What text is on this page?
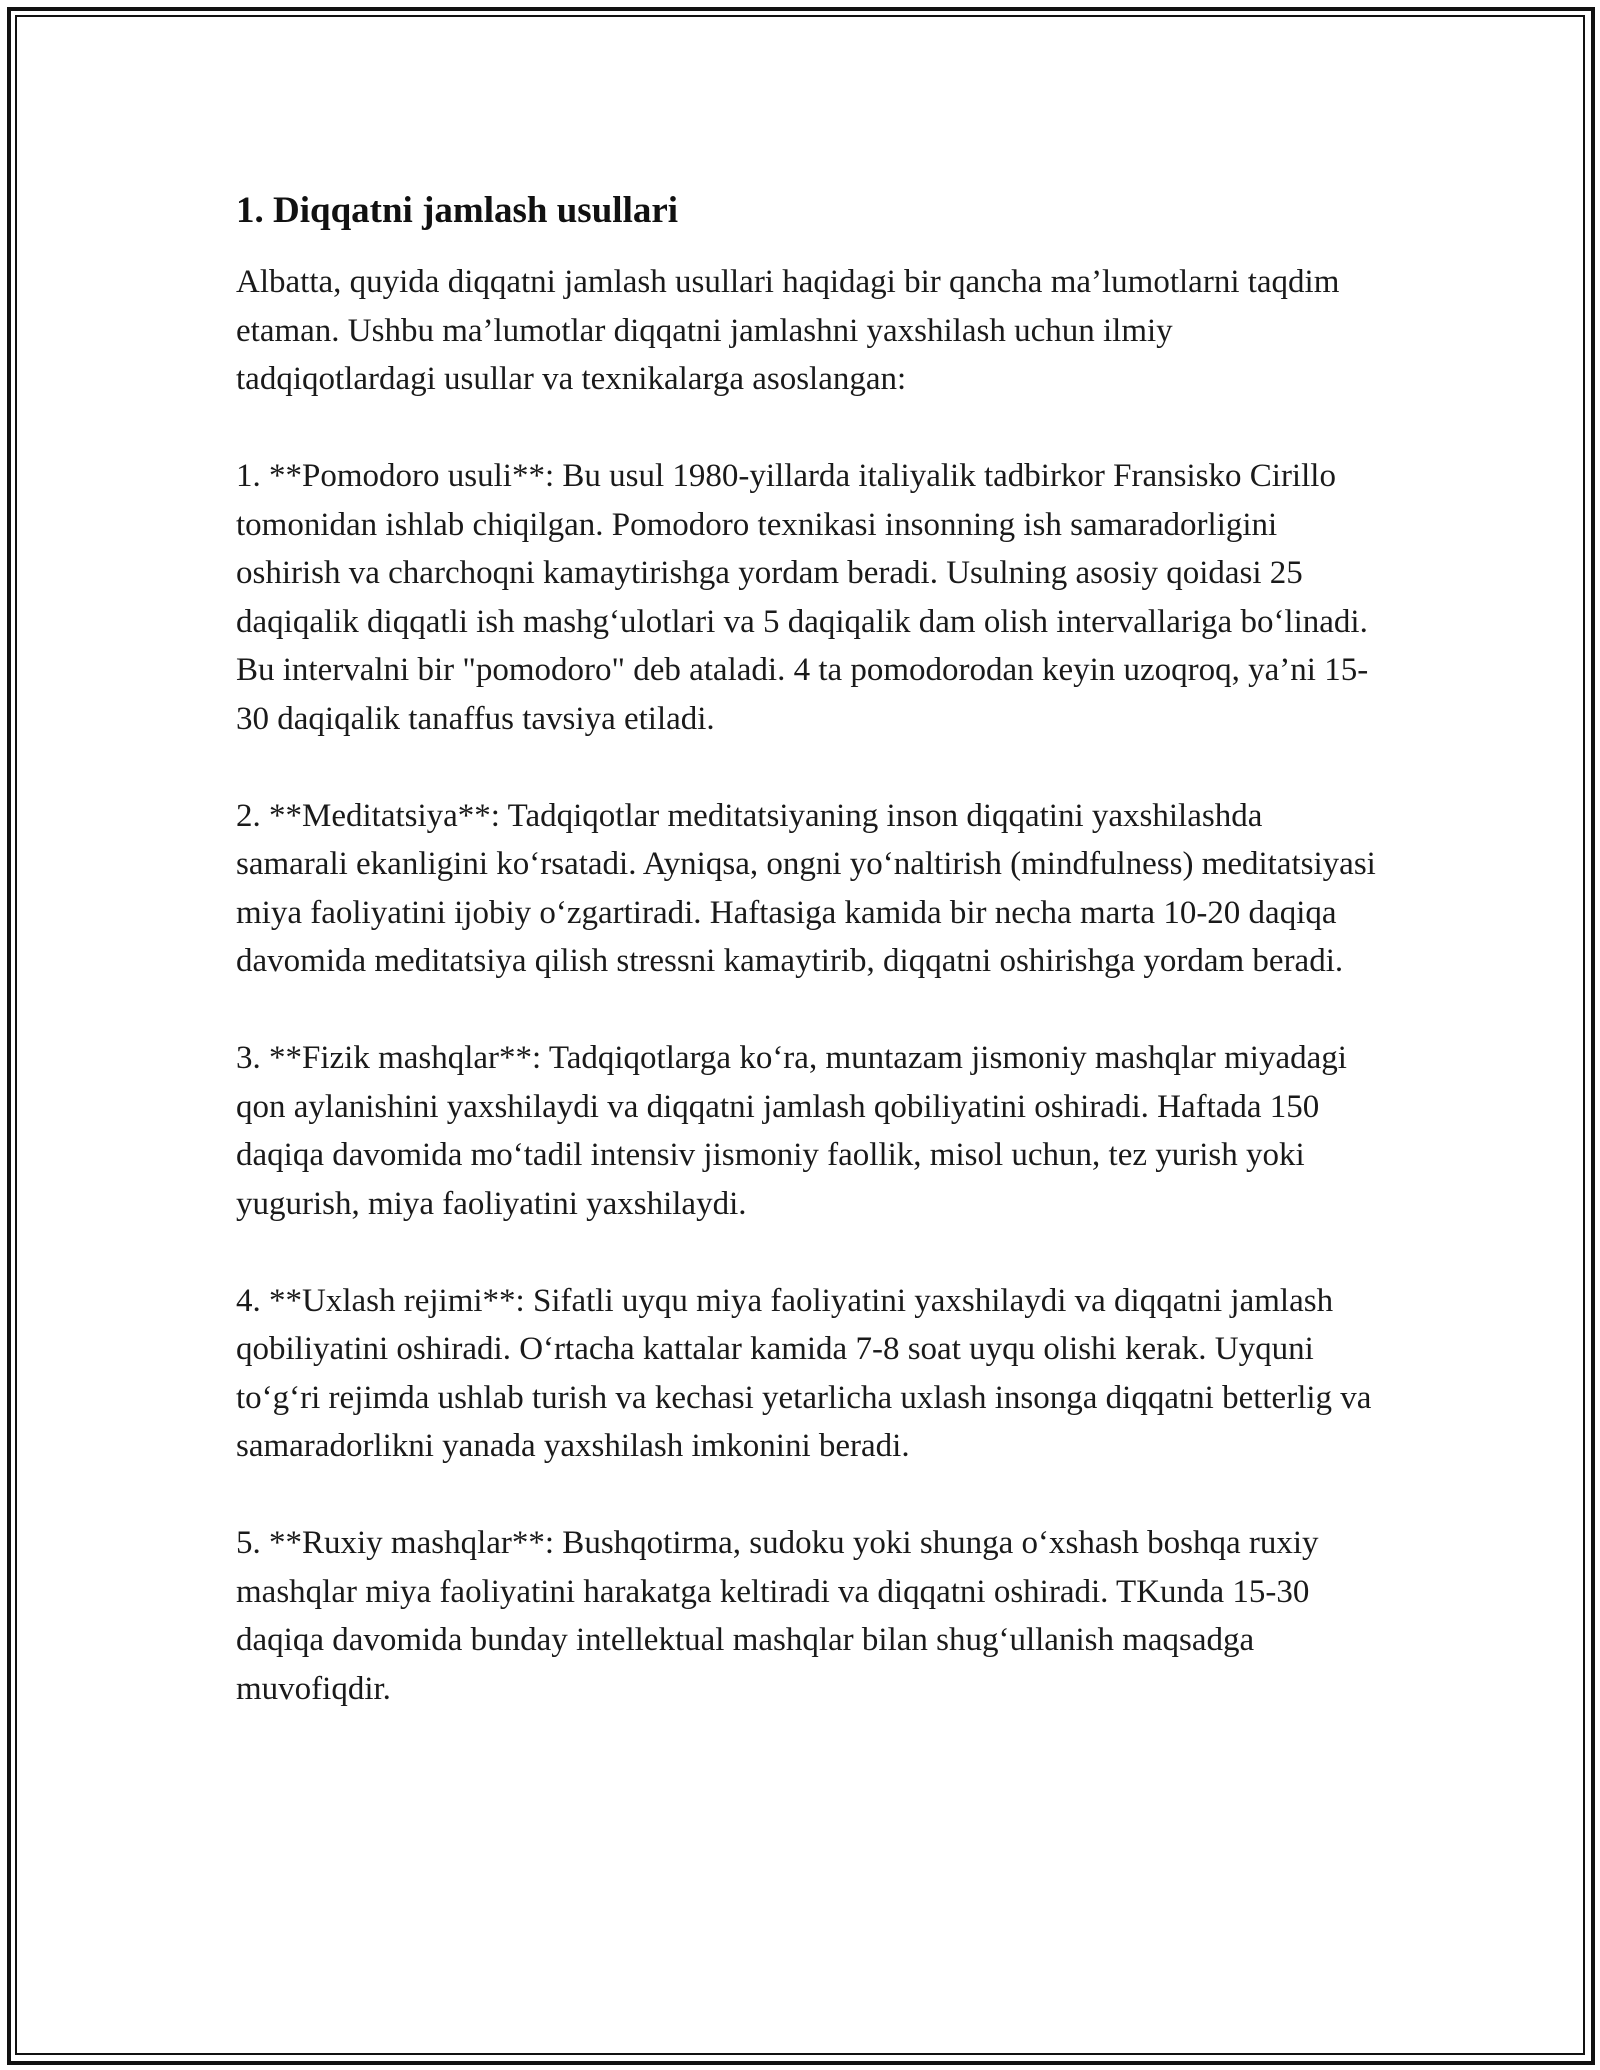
1. Diqqatni jamlash usullari

Albatta, quyida diqqatni jamlash usullari haqidagi bir qancha ma’lumotlarni taqdim etaman. Ushbu ma’lumotlar diqqatni jamlashni yaxshilash uchun ilmiy tadqiqotlardagi usullar va texnikalarga asoslangan:

1. **Pomodoro usuli**: Bu usul 1980-yillarda italiyalik tadbirkor Fransisko Cirillo tomonidan ishlab chiqilgan. Pomodoro texnikasi insonning ish samaradorligini oshirish va charchoqni kamaytirishga yordam beradi. Usulning asosiy qoidasi 25 daqiqalik diqqatli ish mashg‘ulotlari va 5 daqiqalik dam olish intervallariga bo‘linadi. Bu intervalni bir "pomodoro" deb ataladi. 4 ta pomodorodan keyin uzoqroq, ya’ni 15-30 daqiqalik tanaffus tavsiya etiladi.

2. **Meditatsiya**: Tadqiqotlar meditatsiyaning inson diqqatini yaxshilashda samarali ekanligini ko‘rsatadi. Ayniqsa, ongni yo‘naltirish (mindfulness) meditatsiyasi miya faoliyatini ijobiy o‘zgartiradi. Haftasiga kamida bir necha marta 10-20 daqiqa davomida meditatsiya qilish stressni kamaytirib, diqqatni oshirishga yordam beradi.

3. **Fizik mashqlar**: Tadqiqotlarga ko‘ra, muntazam jismoniy mashqlar miyadagi qon aylanishini yaxshilaydi va diqqatni jamlash qobiliyatini oshiradi. Haftada 150 daqiqa davomida mo‘tadil intensiv jismoniy faollik, misol uchun, tez yurish yoki yugurish, miya faoliyatini yaxshilaydi.

4. **Uxlash rejimi**: Sifatli uyqu miya faoliyatini yaxshilaydi va diqqatni jamlash qobiliyatini oshiradi. O‘rtacha kattalar kamida 7-8 soat uyqu olishi kerak. Uyquni to‘g‘ri rejimda ushlab turish va kechasi yetarlicha uxlash insonga diqqatni betterlig va samaradorlikni yanada yaxshilash imkonini beradi.

5. **Ruxiy mashqlar**: Bushqotirma, sudoku yoki shunga o‘xshash boshqa ruxiy mashqlar miya faoliyatini harakatga keltiradi va diqqatni oshiradi. TKunda 15-30 daqiqa davomida bunday intellektual mashqlar bilan shug‘ullanish maqsadga muvofiqdir.
